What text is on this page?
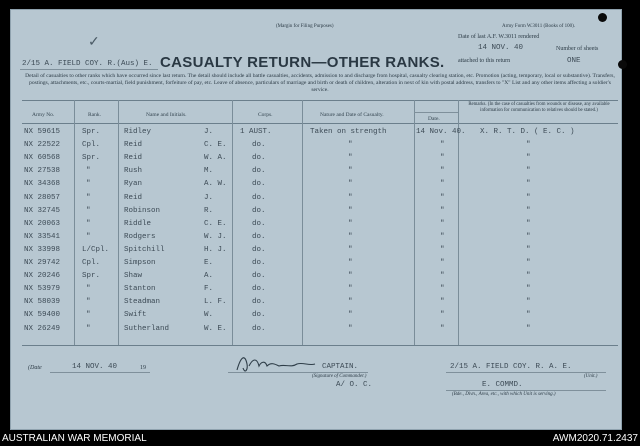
(Margin for Filing Purposes)	Army Form W.3011 (Books of 100).
✓
2/15 A. FIELD COY. R.(Aus) E.
Date of last A.F. W.3011 rendered
14 NOV. 40	Number of sheets
attached to this return	ONE
CASUALTY RETURN—OTHER RANKS.
Detail of casualties to other ranks which have occurred since last return. The detail should include all battle casualties, accidents, admission to and discharge from hospital, casualty clearing station, etc. Promotion (acting, temporary, local or substantive). Transfers, postings, attachments, etc., courts-martial, field punishment, forfeiture of pay, etc. Leave of absence, particulars of marriage and birth or death of children, alteration in next of kin with postal address, transfers to "X" List and any other items affecting a soldier's service.
Army No.	Rank.	Name and Initials.	Corps.	Nature and Date of Casualty.
Date.
Remarks. (In the case of casualties from wounds or disease, any available information for communication to relatives should be stated.)
NX 59615	Spr.	Ridley	J.	1 AUST.	Taken on strength	14 Nov. 40. X. R. T. D. ( E. C. )
NX 22522	Cpl.	Reid	C. E.	do.	"	"	"
NX 60568	Spr.	Reid	W. A.	do.	"	"	"
NX 27538	"	Rush	M.	do.	"	"	"
NX 34368	"	Ryan	A. W.	do.	"	"	"
NX 28057	"	Reid	J.	do.	"	"	"
NX 32745	"	Robinson	R.	do.	"	"	"
NX 20063	"	Riddle	C. E.	do.	"	"	"
NX 33541	"	Rodgers	W. J.	do.	"	"	"
NX 33998	L/Cpl. Spitchill	H. J.	do.	"	"	"
NX 29742	Cpl.	Simpson	E.	do.	"	"	"
NX 20246	Spr.	Shaw	A.	do.	"	"	"
NX 53979	"	Stanton	F.	do.	"	"	"
NX 58039	"	Steadman	L. F.	do.	"	"	"
NX 59400	"	Swift	W.	do.	"	"	"
NX 26249	"	Sutherland	W. E.	do.	"	"	"
(Date	14 NOV. 40	19	CAPTAIN.
(Signature of Commander.)
A/ O. C.
2/15 A. FIELD COY. R. A. E.
(Unit.)
E. COMMD.
(Bde., Divn., Area, etc., with which Unit is serving.)
AUSTRALIAN WAR MEMORIAL	AWM2020.71.2437
